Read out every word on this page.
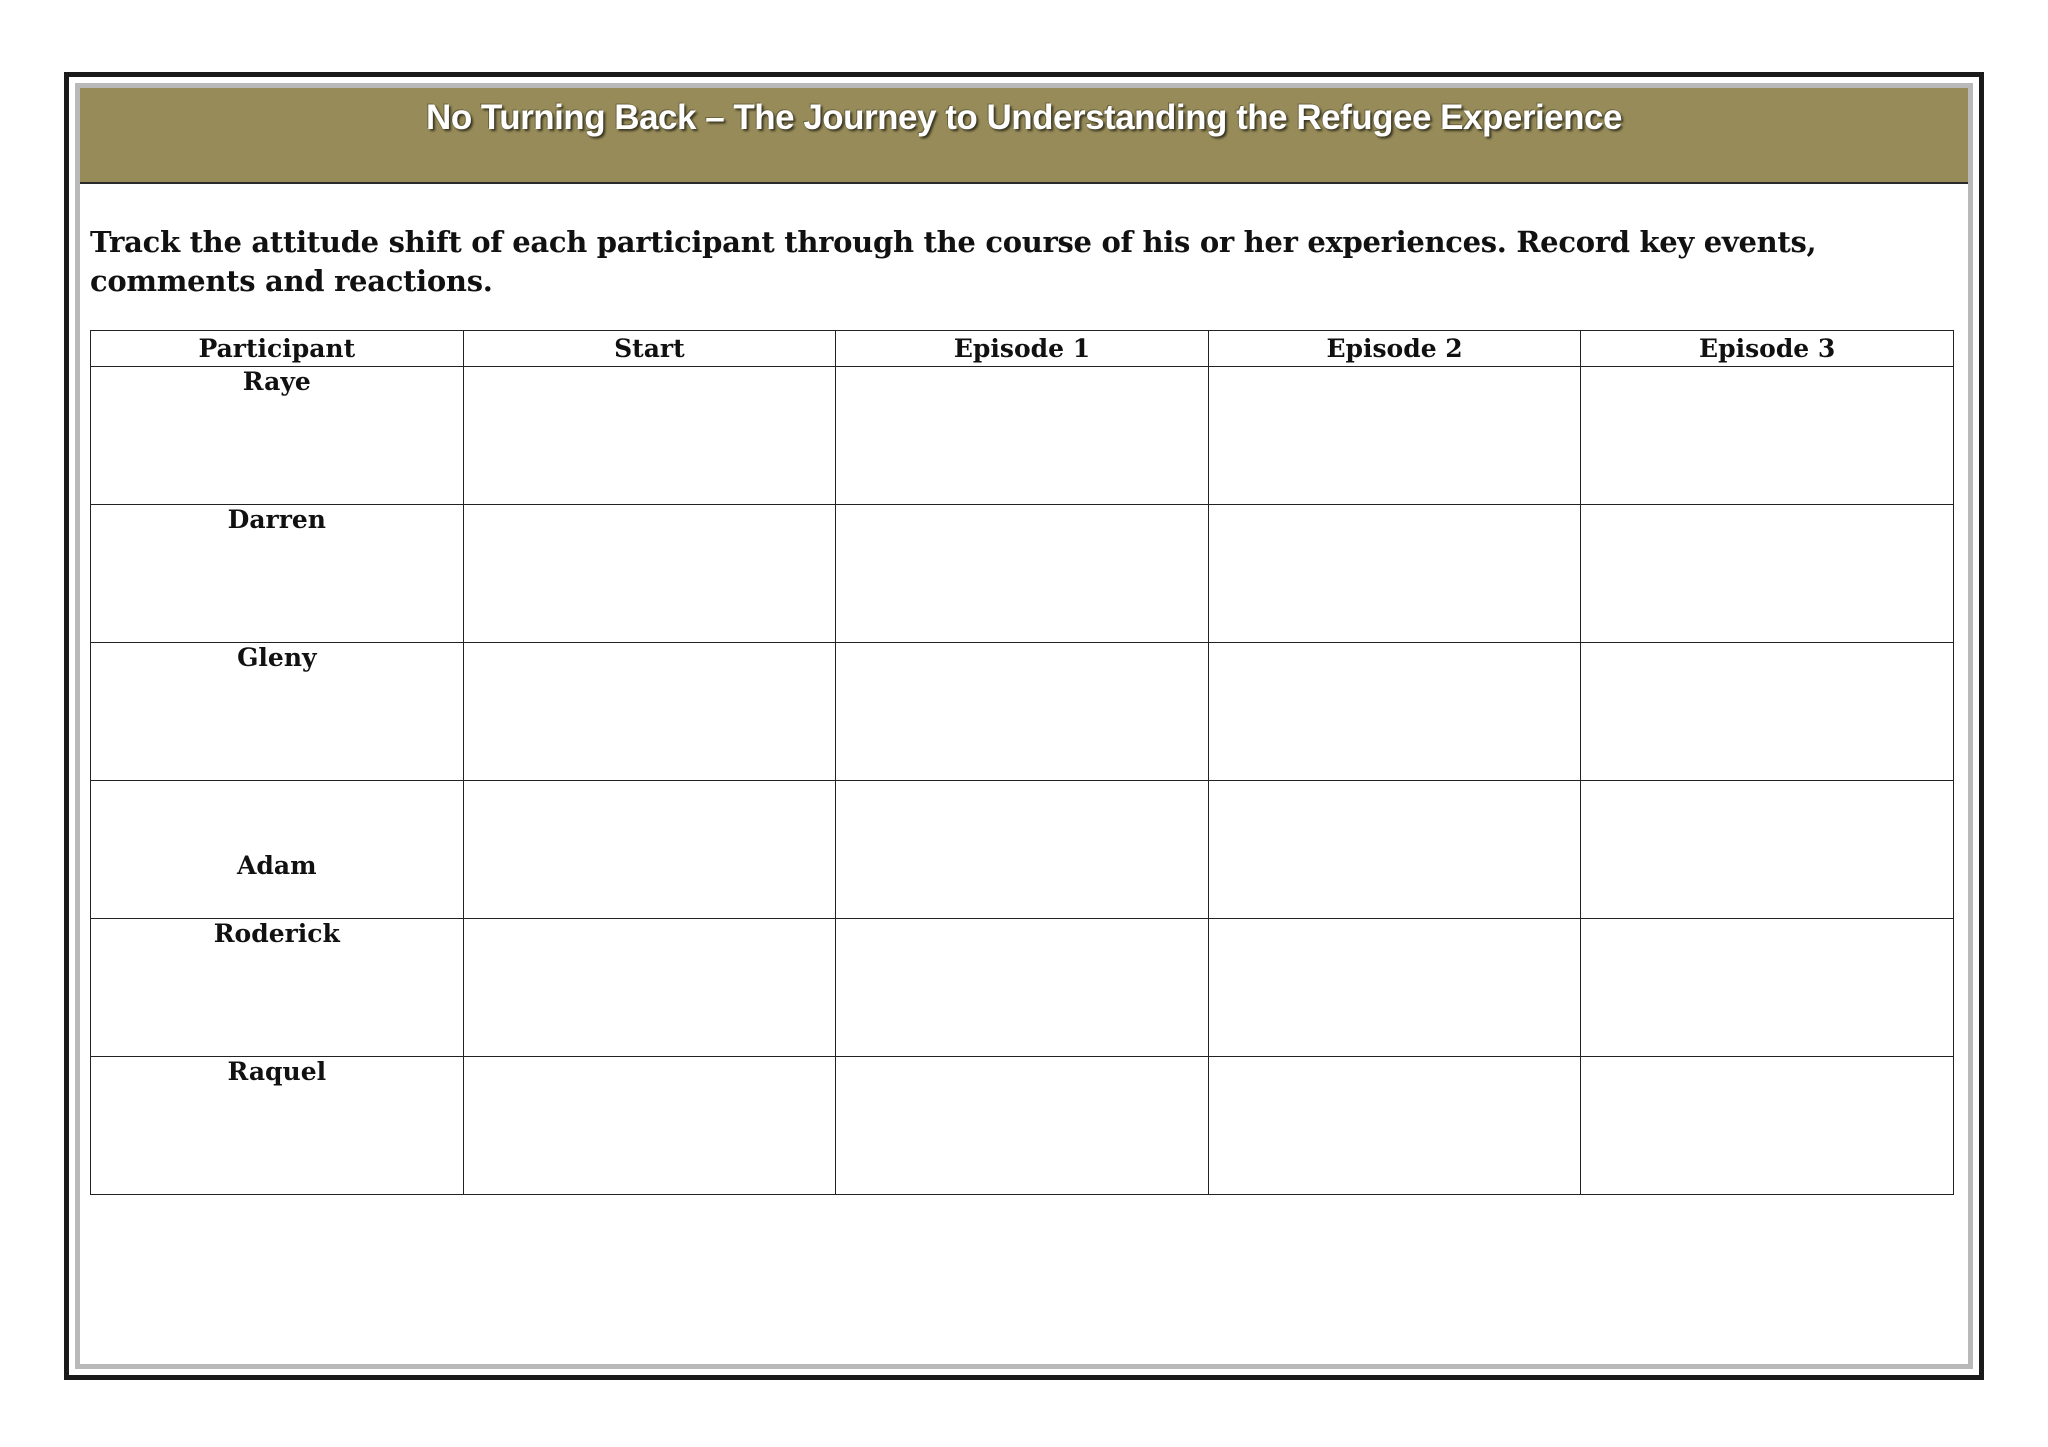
No Turning Back – The Journey to Understanding the Refugee Experience
Track the attitude shift of each participant through the course of his or her experiences. Record key events, comments and reactions.
Participant	Start	Episode 1	Episode 2	Episode 3
Raye				
Darren				
Gleny				
Adam				
Roderick				
Raquel				
